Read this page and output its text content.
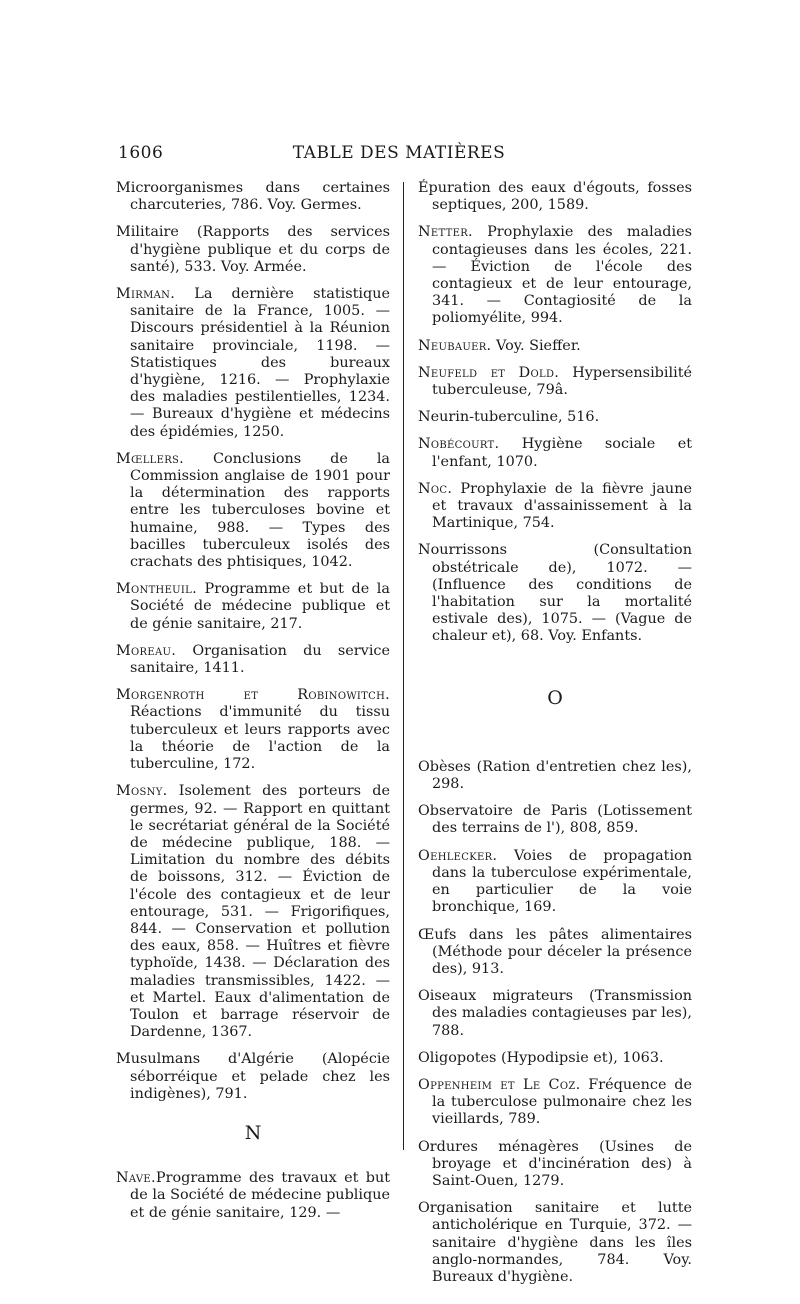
1606	TABLE DES MATIÈRES

Microorganismes dans certaines charcuteries, 786. Voy. Germes.

Militaire (Rapports des services d'hygiène publique et du corps de santé), 533. Voy. Armée.

Mirman. La dernière statistique sanitaire de la France, 1005. — Discours présidentiel à la Réunion sanitaire provinciale, 1198. — Statistiques des bureaux d'hygiène, 1216. — Prophylaxie des maladies pestilentielles, 1234. — Bureaux d'hygiène et médecins des épidémies, 1250.

Mœllers. Conclusions de la Commission anglaise de 1901 pour la détermination des rapports entre les tuberculoses bovine et humaine, 988. — Types des bacilles tuberculeux isolés des crachats des phtisiques, 1042.

Montheuil. Programme et but de la Société de médecine publique et de génie sanitaire, 217.

Moreau. Organisation du service sanitaire, 1411.

Morgenroth et Robinowitch. Réactions d'immunité du tissu tuberculeux et leurs rapports avec la théorie de l'action de la tuberculine, 172.

Mosny. Isolement des porteurs de germes, 92. — Rapport en quittant le secrétariat général de la Société de médecine publique, 188. — Limitation du nombre des débits de boissons, 312. — Éviction de l'école des contagieux et de leur entourage, 531. — Frigorifiques, 844. — Conservation et pollution des eaux, 858. — Huîtres et fièvre typhoïde, 1438. — Déclaration des maladies transmissibles, 1422. — et Martel. Eaux d'alimentation de Toulon et barrage réservoir de Dardenne, 1367.

Musulmans d'Algérie (Alopécie séborréique et pelade chez les indigènes), 791.

N

Nave.Programme des travaux et but de la Société de médecine publique et de génie sanitaire, 129. —

Épuration des eaux d'égouts, fosses septiques, 200, 1589.

Netter. Prophylaxie des maladies contagieuses dans les écoles, 221. — Éviction de l'école des contagieux et de leur entourage, 341. — Contagiosité de la poliomyélite, 994.

Neubauer. Voy. Sieffer.

Neufeld et Dold. Hypersensibilité tuberculeuse, 79â.

Neurin-tuberculine, 516.

Nobécourt. Hygiène sociale et l'enfant, 1070.

Noc. Prophylaxie de la fièvre jaune et travaux d'assainissement à la Martinique, 754.

Nourrissons (Consultation obstétricale de), 1072. — (Influence des conditions de l'habitation sur la mortalité estivale des), 1075. — (Vague de chaleur et), 68. Voy. Enfants.

O

Obèses (Ration d'entretien chez les), 298.

Observatoire de Paris (Lotissement des terrains de l'), 808, 859.

Oehlecker. Voies de propagation dans la tuberculose expérimentale, en particulier de la voie bronchique, 169.

Œufs dans les pâtes alimentaires (Méthode pour déceler la présence des), 913.

Oiseaux migrateurs (Transmission des maladies contagieuses par les), 788.

Oligopotes (Hypodipsie et), 1063.

Oppenheim et Le Coz. Fréquence de la tuberculose pulmonaire chez les vieillards, 789.

Ordures ménagères (Usines de broyage et d'incinération des) à Saint-Ouen, 1279.

Organisation sanitaire et lutte anticholérique en Turquie, 372. — sanitaire d'hygiène dans les îles anglo-normandes, 784. Voy. Bureaux d'hygiène.
